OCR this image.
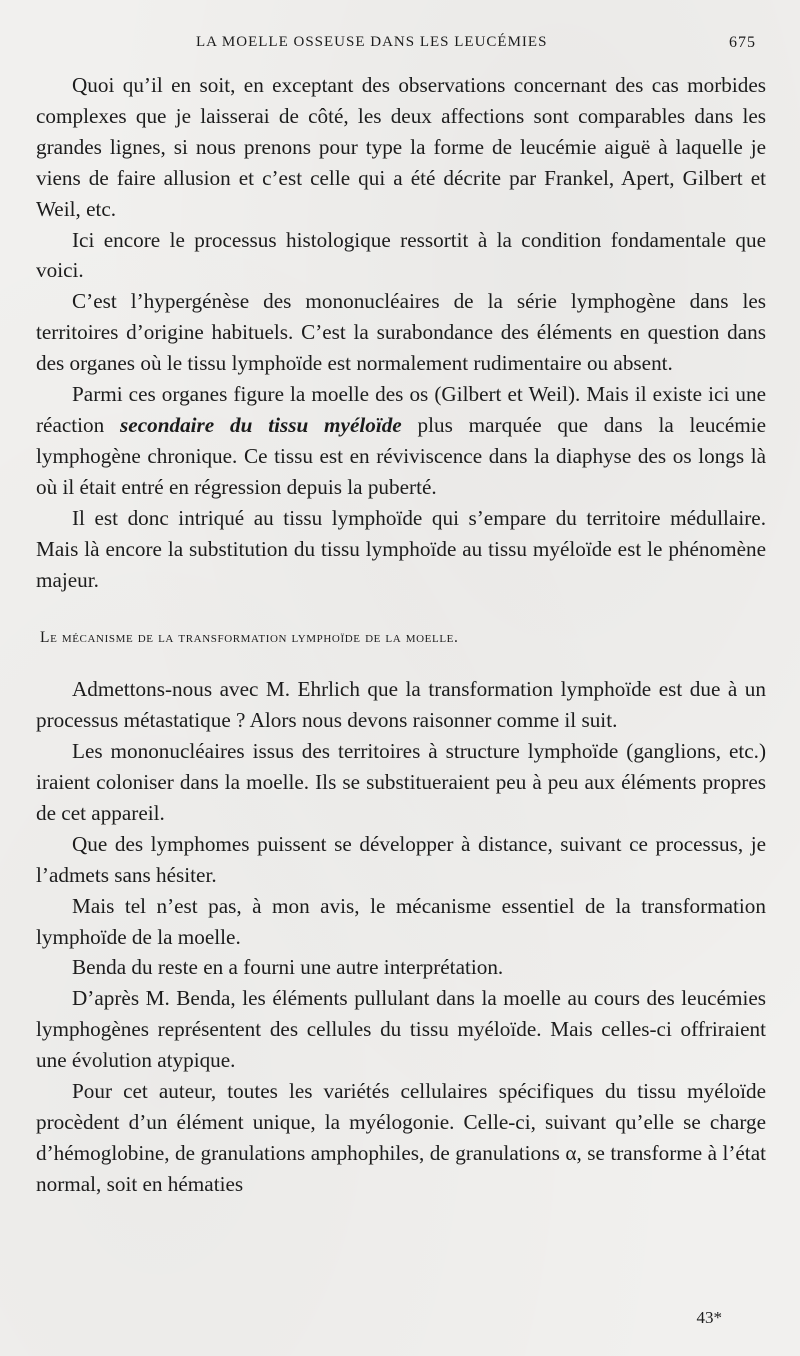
LA MOELLE OSSEUSE DANS LES LEUCÉMIES	675

Quoi qu’il en soit, en exceptant des observations concernant des cas morbides complexes que je laisserai de côté, les deux affections sont comparables dans les grandes lignes, si nous prenons pour type la forme de leucémie aiguë à laquelle je viens de faire allusion et c’est celle qui a été décrite par Frankel, Apert, Gilbert et Weil, etc.

Ici encore le processus histologique ressortit à la condition fondamentale que voici.

C’est l’hypergénèse des mononucléaires de la série lymphogène dans les territoires d’origine habituels. C’est la surabondance des éléments en question dans des organes où le tissu lymphoïde est normalement rudimentaire ou absent.

Parmi ces organes figure la moelle des os (Gilbert et Weil). Mais il existe ici une réaction secondaire du tissu myéloïde plus marquée que dans la leucémie lymphogène chronique. Ce tissu est en réviviscence dans la diaphyse des os longs là où il était entré en régression depuis la puberté.

Il est donc intriqué au tissu lymphoïde qui s’empare du territoire médullaire. Mais là encore la substitution du tissu lymphoïde au tissu myéloïde est le phénomène majeur.

Le mécanisme de la transformation lymphoïde de la moelle.

Admettons-nous avec M. Ehrlich que la transformation lymphoïde est due à un processus métastatique ? Alors nous devons raisonner comme il suit.

Les mononucléaires issus des territoires à structure lymphoïde (ganglions, etc.) iraient coloniser dans la moelle. Ils se substitueraient peu à peu aux éléments propres de cet appareil.

Que des lymphomes puissent se développer à distance, suivant ce processus, je l’admets sans hésiter.

Mais tel n’est pas, à mon avis, le mécanisme essentiel de la transformation lymphoïde de la moelle.

Benda du reste en a fourni une autre interprétation.

D’après M. Benda, les éléments pullulant dans la moelle au cours des leucémies lymphogènes représentent des cellules du tissu myéloïde. Mais celles-ci offriraient une évolution atypique.

Pour cet auteur, toutes les variétés cellulaires spécifiques du tissu myéloïde procèdent d’un élément unique, la myélogonie. Celle-ci, suivant qu’elle se charge d’hémoglobine, de granulations amphophiles, de granulations α, se transforme à l’état normal, soit en hématies

43*
